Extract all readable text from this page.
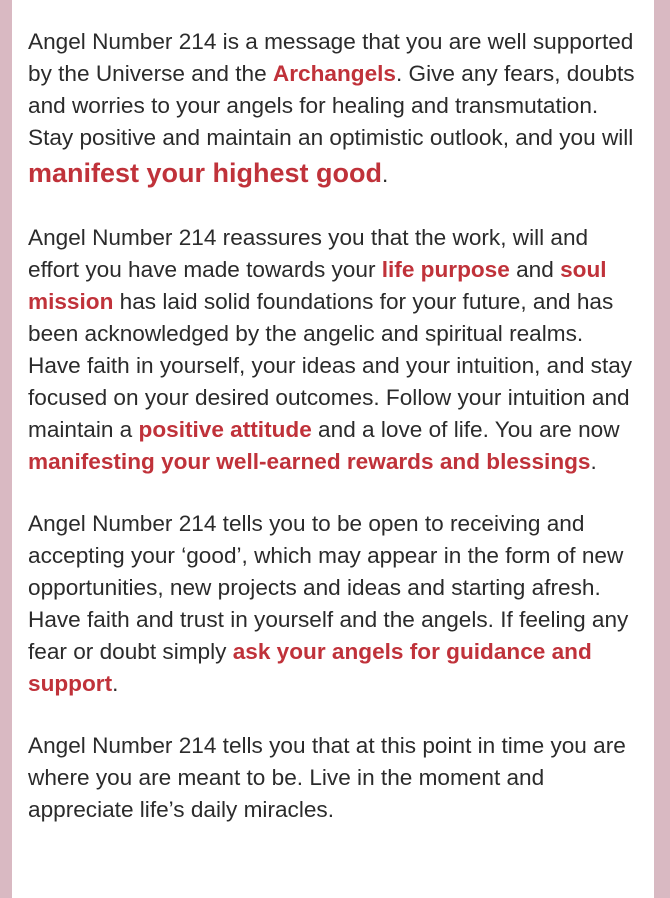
Angel Number 214 is a message that you are well supported by the Universe and the Archangels. Give any fears, doubts and worries to your angels for healing and transmutation. Stay positive and maintain an optimistic outlook, and you will manifest your highest good.

Angel Number 214 reassures you that the work, will and effort you have made towards your life purpose and soul mission has laid solid foundations for your future, and has been acknowledged by the angelic and spiritual realms. Have faith in yourself, your ideas and your intuition, and stay focused on your desired outcomes. Follow your intuition and maintain a positive attitude and a love of life. You are now manifesting your well-earned rewards and blessings.

Angel Number 214 tells you to be open to receiving and accepting your ‘good’, which may appear in the form of new opportunities, new projects and ideas and starting afresh. Have faith and trust in yourself and the angels. If feeling any fear or doubt simply ask your angels for guidance and support.

Angel Number 214 tells you that at this point in time you are where you are meant to be. Live in the moment and appreciate life’s daily miracles.
